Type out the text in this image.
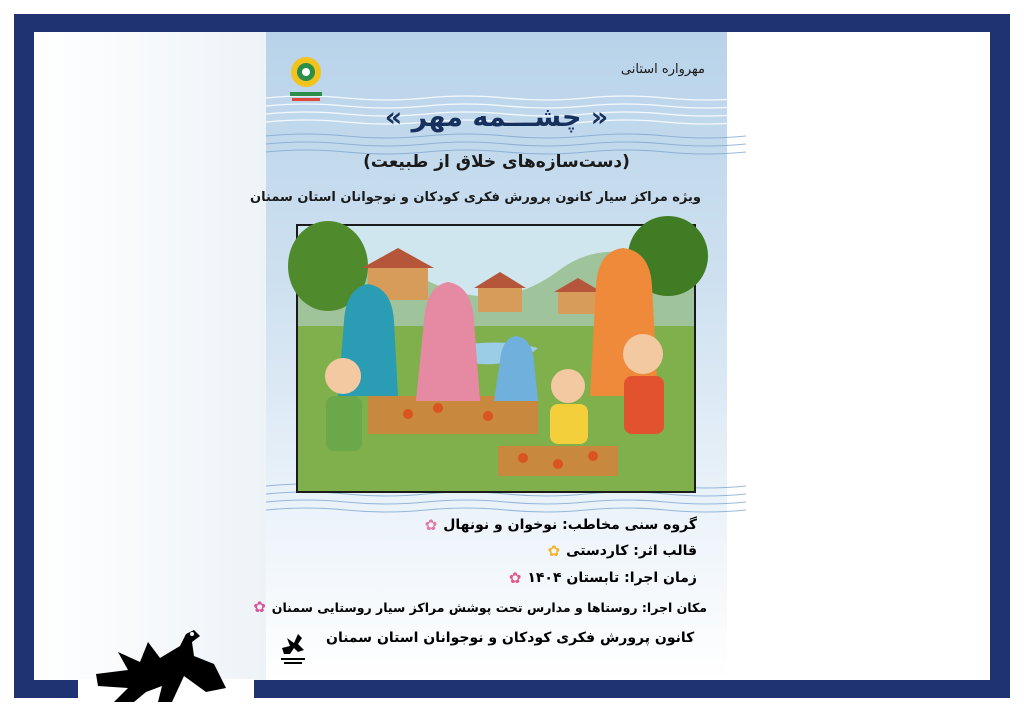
مهرواره استانی
« چشـــمه مهر »
(دست‌سازه‌های خلاق از طبیعت)
ویژه مراکز سیار کانون پرورش فکری کودکان و نوجوانان استان سمنان
گروه سنی مخاطب: نوخوان و نونهال
✿
قالب اثر: کاردستی
✿
زمان اجرا: تابستان ۱۴۰۴
✿
مکان اجرا: روستاها و مدارس تحت پوشش مراکز سیار روستایی سمنان
✿
کانون پرورش فکری کودکان و نوجوانان استان سمنان
